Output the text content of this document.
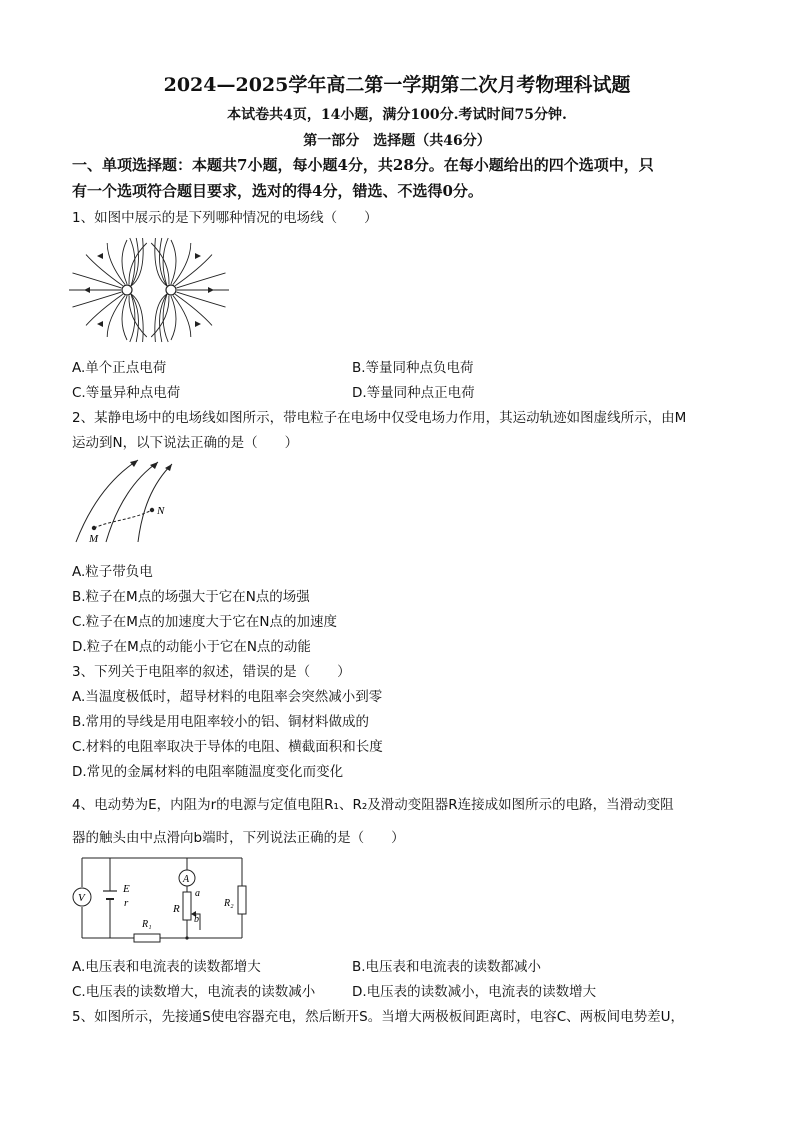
2024—2025学年高二第一学期第二次月考物理科试题
本试卷共4页，14小题，满分100分.考试时间75分钟.
第一部分　选择题（共46分）
一、单项选择题：本题共7小题，每小题4分，共28分。在每小题给出的四个选项中，只
有一个选项符合题目要求，选对的得4分，错选、不选得0分。
1、如图中展示的是下列哪种情况的电场线（　　）
A.单个正点电荷	B.等量同种点负电荷
C.等量异种点电荷	D.等量同种点正电荷
2、某静电场中的电场线如图所示，带电粒子在电场中仅受电场力作用，其运动轨迹如图虚线所示，由M
运动到N，以下说法正确的是（　　）
M
N
A.粒子带负电
B.粒子在M点的场强大于它在N点的场强
C.粒子在M点的加速度大于它在N点的加速度
D.粒子在M点的动能小于它在N点的动能
3、下列关于电阻率的叙述，错误的是（　　）
A.当温度极低时，超导材料的电阻率会突然减小到零
B.常用的导线是用电阻率较小的铝、铜材料做成的
C.材料的电阻率取决于导体的电阻、横截面积和长度
D.常见的金属材料的电阻率随温度变化而变化
4、电动势为E，内阻为r的电源与定值电阻R₁、R₂及滑动变阻器R连接成如图所示的电路，当滑动变阻
器的触头由中点滑向b端时，下列说法正确的是（　　）
V
A
E
r
R₁
R	R₂
a
b
A.电压表和电流表的读数都增大	B.电压表和电流表的读数都减小
C.电压表的读数增大，电流表的读数减小	D.电压表的读数减小，电流表的读数增大
5、如图所示，先接通S使电容器充电，然后断开S。当增大两极板间距离时，电容C、两板间电势差U，
